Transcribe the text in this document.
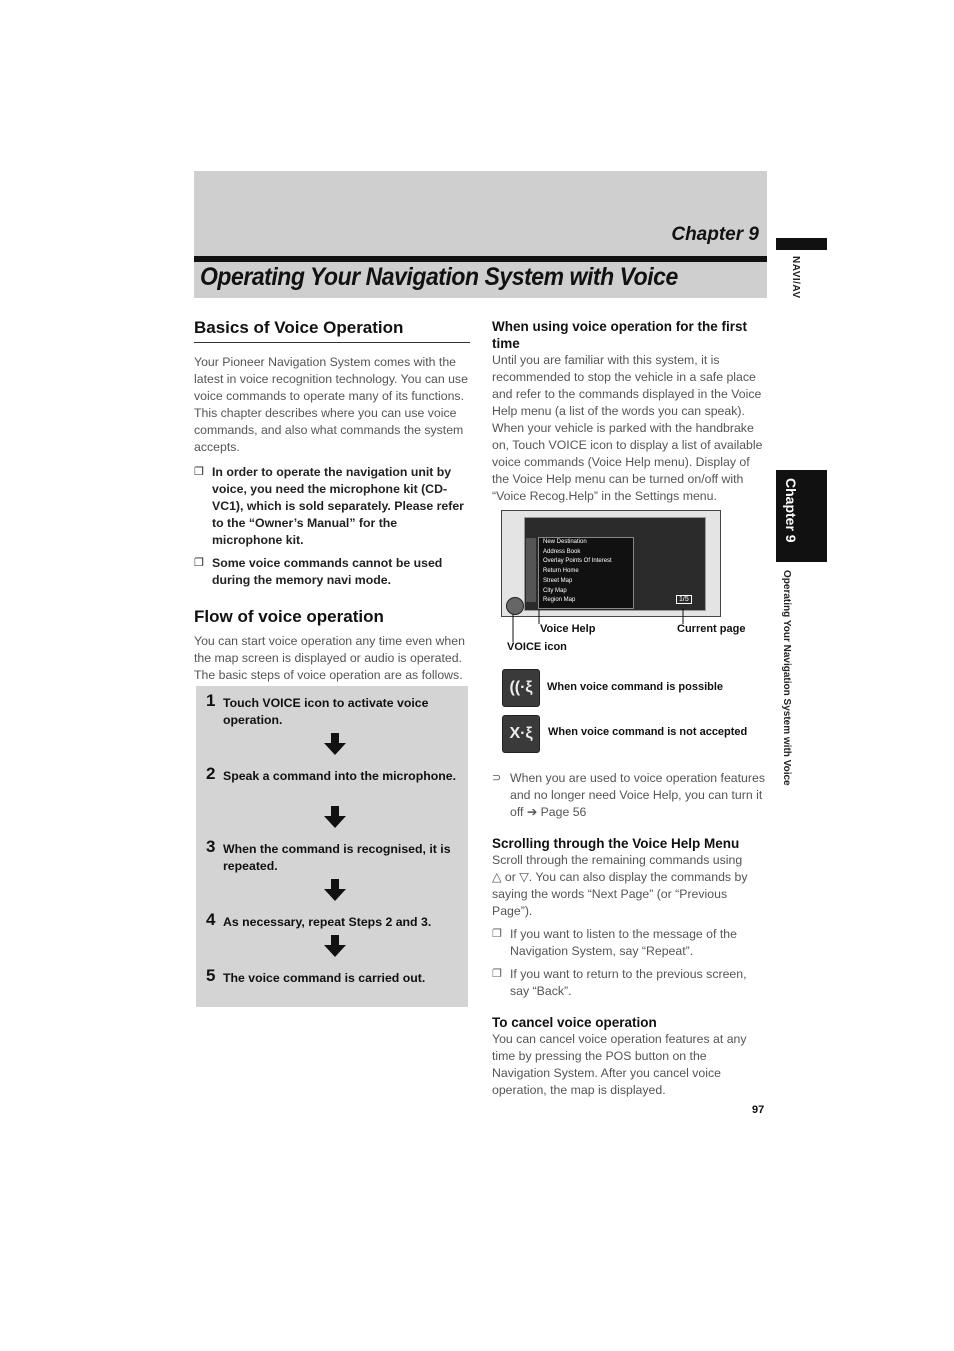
Chapter 9
Operating Your Navigation System with Voice	NAVI/AV
Chapter 9
Operating Your Navigation System with Voice
Basics of Voice Operation

Your Pioneer Navigation System comes with the latest in voice recognition technology. You can use voice commands to operate many of its functions. This chapter describes where you can use voice commands, and also what commands the system accepts.

❐ In order to operate the navigation unit by voice, you need the microphone kit (CD-VC1), which is sold separately. Please refer to the “Owner’s Manual” for the microphone kit.
❐ Some voice commands cannot be used during the memory navi mode.
Flow of voice operation

You can start voice operation any time even when the map screen is displayed or audio is operated. The basic steps of voice operation are as follows.

1 Touch VOICE icon to activate voice operation.
2 Speak a command into the microphone.
3 When the command is recognised, it is repeated.
4 As necessary, repeat Steps 2 and 3.
5 The voice command is carried out.
When using voice operation for the first time

Until you are familiar with this system, it is recommended to stop the vehicle in a safe place and refer to the commands displayed in the Voice Help menu (a list of the words you can speak). When your vehicle is parked with the handbrake on, Touch VOICE icon to display a list of available voice commands (Voice Help menu). Display of the Voice Help menu can be turned on/off with “Voice Recog.Help” in the Settings menu.

New Destination
Address Book
Overlay Points Of Interest
Return Home
Street Map
City Map
Region Map	1/5
Voice Help	Current page
VOICE icon
((·ξ	When voice command is possible
X·ξ	When voice command is not accepted
⊃ When you are used to voice operation features and no longer need Voice Help, you can turn it off ➔ Page 56
Scrolling through the Voice Help Menu

Scroll through the remaining commands using
△ or ▽. You can also display the commands by saying the words “Next Page” (or “Previous Page”).

❐ If you want to listen to the message of the Navigation System, say “Repeat”.
❐ If you want to return to the previous screen, say “Back”.
To cancel voice operation

You can cancel voice operation features at any time by pressing the POS button on the Navigation System. After you cancel voice operation, the map is displayed.

97
